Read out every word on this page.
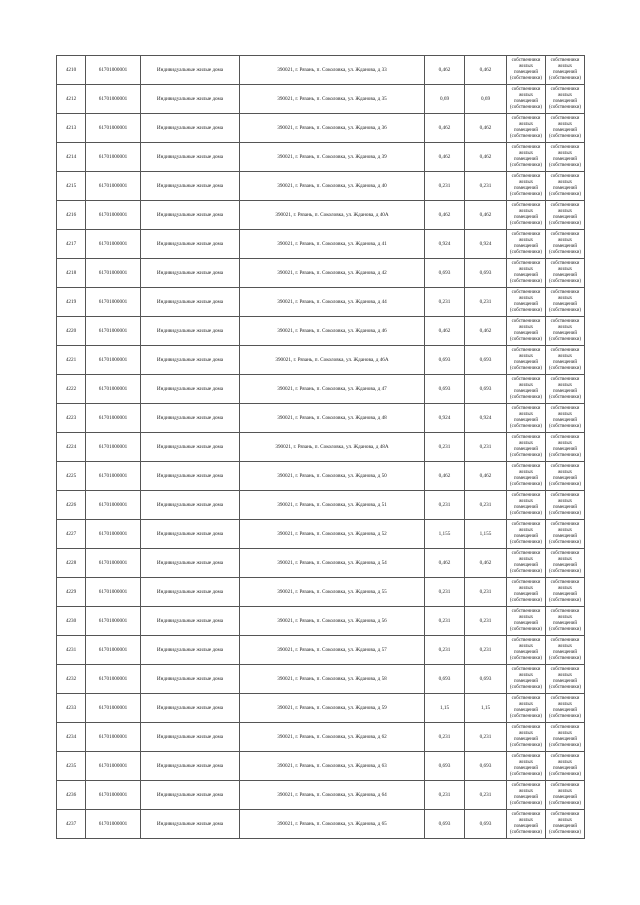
4210	61701000001	Индивидуальные жилые дома	390021, г. Рязань, п. Соколовка, ул. Жданова, д 33	0,462	0,462	собственники жилых помещений (собственники)	собственники жилых помещений (собственники)

4212	61701000001	Индивидуальные жилые дома	390021, г. Рязань, п. Соколовка, ул. Жданова, д 35	0,69	0,69	собственники жилых помещений (собственники)	собственники жилых помещений (собственники)

4213	61701000001	Индивидуальные жилые дома	390021, г. Рязань, п. Соколовка, ул. Жданова, д 36	0,462	0,462	собственники жилых помещений (собственники)	собственники жилых помещений (собственники)

4214	61701000001	Индивидуальные жилые дома	390021, г. Рязань, п. Соколовка, ул. Жданова, д 39	0,462	0,462	собственники жилых помещений (собственники)	собственники жилых помещений (собственники)

4215	61701000001	Индивидуальные жилые дома	390021, г. Рязань, п. Соколовка, ул. Жданова, д 40	0,231	0,231	собственники жилых помещений (собственники)	собственники жилых помещений (собственники)

4216	61701000001	Индивидуальные жилые дома	390021, г. Рязань, п. Соколовка, ул. Жданова, д 40А	0,462	0,462	собственники жилых помещений (собственники)	собственники жилых помещений (собственники)

4217	61701000001	Индивидуальные жилые дома	390021, г. Рязань, п. Соколовка, ул. Жданова, д 41	0,924	0,924	собственники жилых помещений (собственники)	собственники жилых помещений (собственники)

4218	61701000001	Индивидуальные жилые дома	390021, г. Рязань, п. Соколовка, ул. Жданова, д 42	0,693	0,693	собственники жилых помещений (собственники)	собственники жилых помещений (собственники)

4219	61701000001	Индивидуальные жилые дома	390021, г. Рязань, п. Соколовка, ул. Жданова, д 44	0,231	0,231	собственники жилых помещений (собственники)	собственники жилых помещений (собственники)

4220	61701000001	Индивидуальные жилые дома	390021, г. Рязань, п. Соколовка, ул. Жданова, д 46	0,462	0,462	собственники жилых помещений (собственники)	собственники жилых помещений (собственники)

4221	61701000001	Индивидуальные жилые дома	390021, г. Рязань, п. Соколовка, ул. Жданова, д 46А	0,693	0,693	собственники жилых помещений (собственники)	собственники жилых помещений (собственники)

4222	61701000001	Индивидуальные жилые дома	390021, г. Рязань, п. Соколовка, ул. Жданова, д 47	0,693	0,693	собственники жилых помещений (собственники)	собственники жилых помещений (собственники)

4223	61701000001	Индивидуальные жилые дома	390021, г. Рязань, п. Соколовка, ул. Жданова, д 48	0,924	0,924	собственники жилых помещений (собственники)	собственники жилых помещений (собственники)

4224	61701000001	Индивидуальные жилые дома	390021, г. Рязань, п. Соколовка, ул. Жданова, д 48А	0,231	0,231	собственники жилых помещений (собственники)	собственники жилых помещений (собственники)

4225	61701000001	Индивидуальные жилые дома	390021, г. Рязань, п. Соколовка, ул. Жданова, д 50	0,462	0,462	собственники жилых помещений (собственники)	собственники жилых помещений (собственники)

4226	61701000001	Индивидуальные жилые дома	390021, г. Рязань, п. Соколовка, ул. Жданова, д 51	0,231	0,231	собственники жилых помещений (собственники)	собственники жилых помещений (собственники)

4227	61701000001	Индивидуальные жилые дома	390021, г. Рязань, п. Соколовка, ул. Жданова, д 52	1,155	1,155	собственники жилых помещений (собственники)	собственники жилых помещений (собственники)

4228	61701000001	Индивидуальные жилые дома	390021, г. Рязань, п. Соколовка, ул. Жданова, д 54	0,462	0,462	собственники жилых помещений (собственники)	собственники жилых помещений (собственники)

4229	61701000001	Индивидуальные жилые дома	390021, г. Рязань, п. Соколовка, ул. Жданова, д 55	0,231	0,231	собственники жилых помещений (собственники)	собственники жилых помещений (собственники)

4230	61701000001	Индивидуальные жилые дома	390021, г. Рязань, п. Соколовка, ул. Жданова, д 56	0,231	0,231	собственники жилых помещений (собственники)	собственники жилых помещений (собственники)

4231	61701000001	Индивидуальные жилые дома	390021, г. Рязань, п. Соколовка, ул. Жданова, д 57	0,231	0,231	собственники жилых помещений (собственники)	собственники жилых помещений (собственники)

4232	61701000001	Индивидуальные жилые дома	390021, г. Рязань, п. Соколовка, ул. Жданова, д 58	0,693	0,693	собственники жилых помещений (собственники)	собственники жилых помещений (собственники)

4233	61701000001	Индивидуальные жилые дома	390021, г. Рязань, п. Соколовка, ул. Жданова, д 59	1,15	1,15	собственники жилых помещений (собственники)	собственники жилых помещений (собственники)

4234	61701000001	Индивидуальные жилые дома	390021, г. Рязань, п. Соколовка, ул. Жданова, д 62	0,231	0,231	собственники жилых помещений (собственники)	собственники жилых помещений (собственники)

4235	61701000001	Индивидуальные жилые дома	390021, г. Рязань, п. Соколовка, ул. Жданова, д 63	0,693	0,693	собственники жилых помещений (собственники)	собственники жилых помещений (собственники)

4236	61701000001	Индивидуальные жилые дома	390021, г. Рязань, п. Соколовка, ул. Жданова, д 64	0,231	0,231	собственники жилых помещений (собственники)	собственники жилых помещений (собственники)

4237	61701000001	Индивидуальные жилые дома	390021, г. Рязань, п. Соколовка, ул. Жданова, д 65	0,693	0,693	собственники жилых помещений (собственники)	собственники жилых помещений (собственники)
